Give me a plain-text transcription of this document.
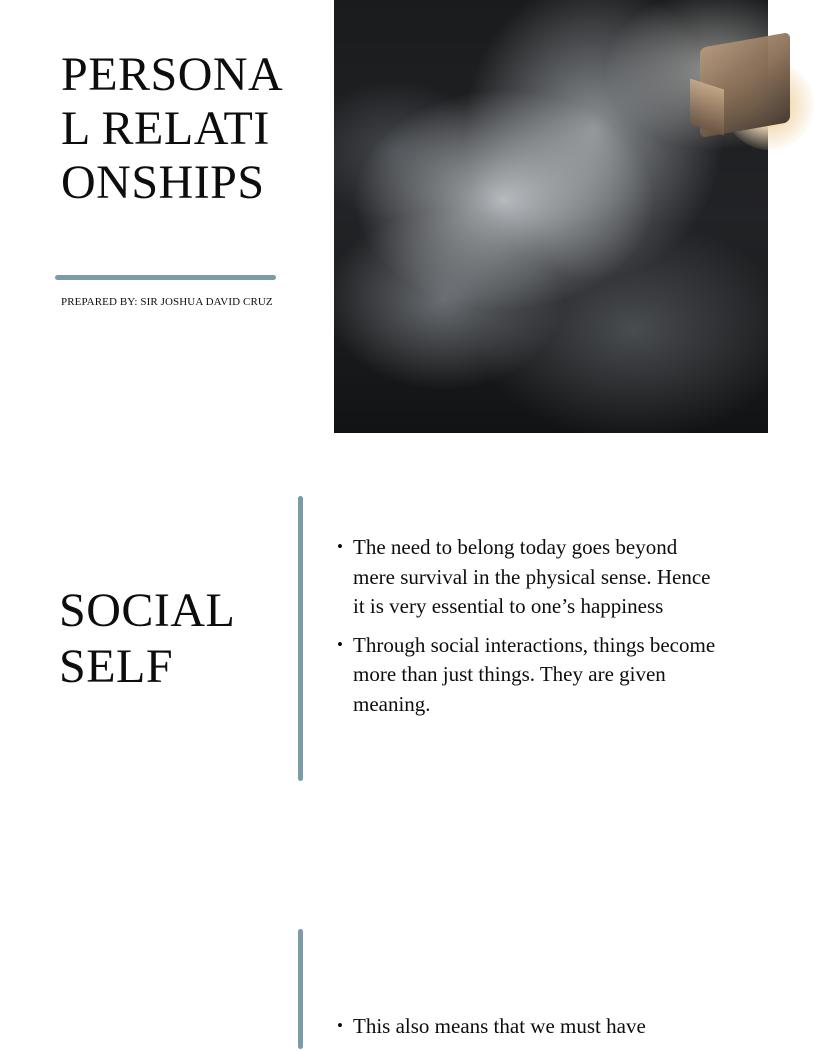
PERSONAL RELATIONSHIPS
PREPARED BY: SIR JOSHUA DAVID CRUZ
SOCIAL SELF
• The need to belong today goes beyond mere survival in the physical sense. Hence it is very essential to one’s happiness
• Through social interactions, things become more than just things. They are given meaning.
• This also means that we must have
